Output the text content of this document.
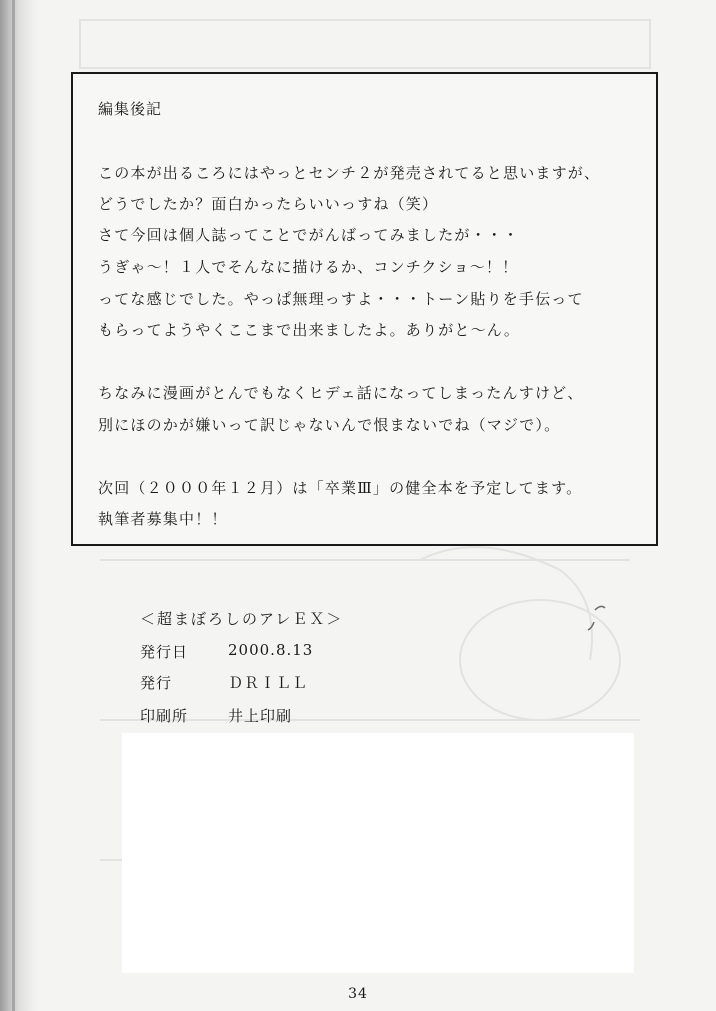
編集後記
この本が出るころにはやっとセンチ２が発売されてると思いますが、
どうでしたか？面白かったらいいっすね（笑）
さて今回は個人誌ってことでがんばってみましたが・・・
うぎゃ〜！１人でそんなに描けるか、コンチクショ〜！！
ってな感じでした。やっぱ無理っすよ・・・トーン貼りを手伝って
もらってようやくここまで出来ましたよ。ありがと〜ん。
ちなみに漫画がとんでもなくヒデェ話になってしまったんすけど、
別にほのかが嫌いって訳じゃないんで恨まないでね（マジで）。
次回（２０００年１２月）は「卒業Ⅲ」の健全本を予定してます。
執筆者募集中！！
＜超まぼろしのアレＥＸ＞
発行日	2000.8.13
発行	ＤＲＩＬＬ
印刷所	井上印刷
34
